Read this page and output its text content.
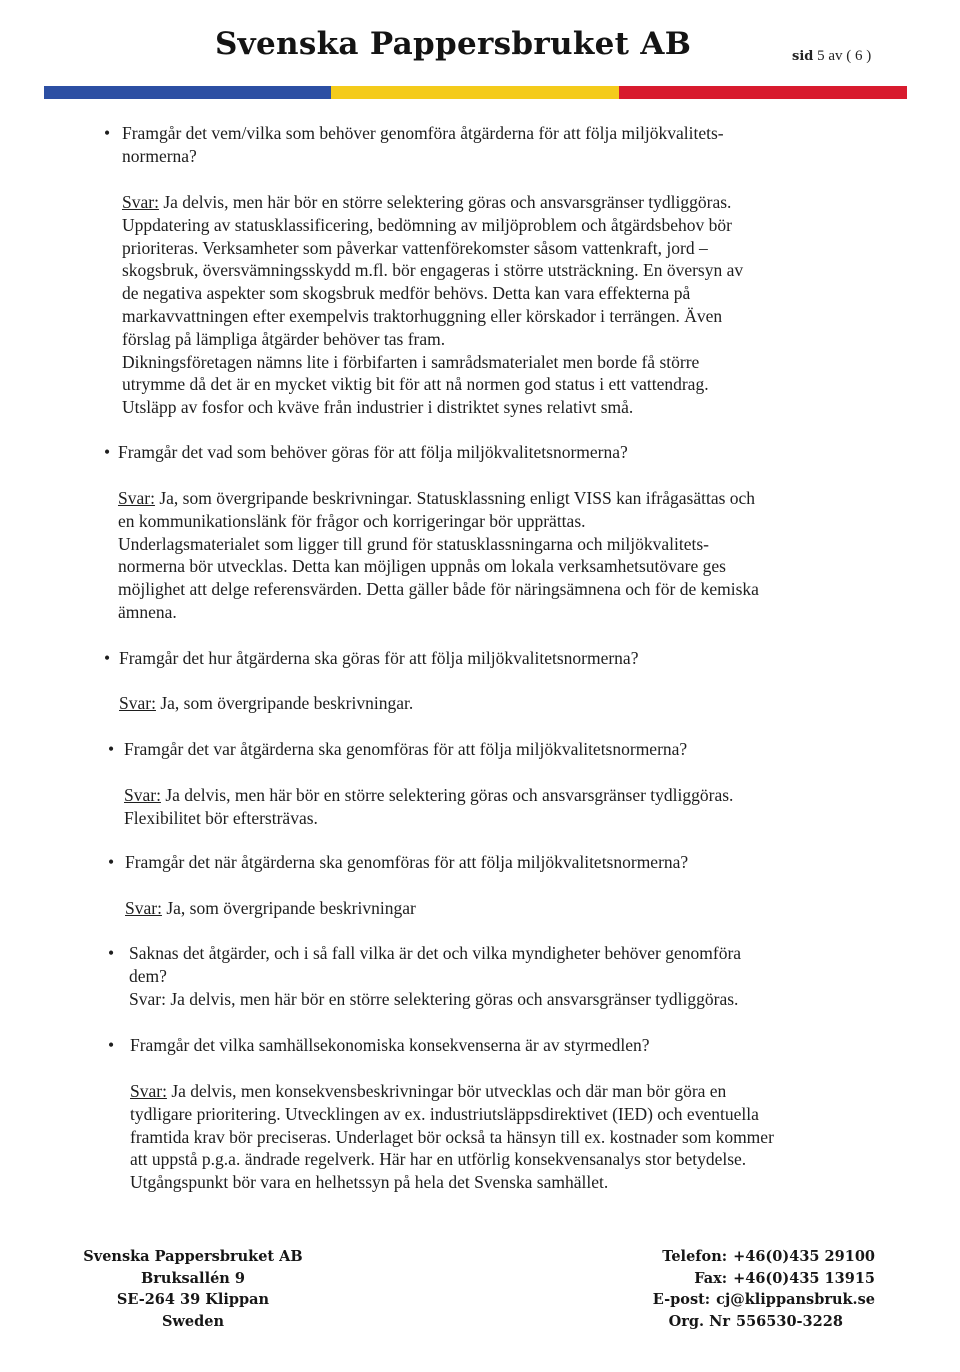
Svenska Pappersbruket AB	sid 5 av ( 6 )
• Framgår det vem/vilka som behöver genomföra åtgärderna för att följa miljökvalitets-
normerna?
Svar: Ja delvis, men här bör en större selektering göras och ansvarsgränser tydliggöras.
Uppdatering av statusklassificering, bedömning av miljöproblem och åtgärdsbehov bör
prioriteras. Verksamheter som påverkar vattenförekomster såsom vattenkraft, jord –
skogsbruk, översvämningsskydd m.fl. bör engageras i större utsträckning. En översyn av
de negativa aspekter som skogsbruk medför behövs. Detta kan vara effekterna på
markavvattningen efter exempelvis traktorhuggning eller körskador i terrängen. Även
förslag på lämpliga åtgärder behöver tas fram.
Dikningsföretagen nämns lite i förbifarten i samrådsmaterialet men borde få större
utrymme då det är en mycket viktig bit för att nå normen god status i ett vattendrag.
Utsläpp av fosfor och kväve från industrier i distriktet synes relativt små.
• Framgår det vad som behöver göras för att följa miljökvalitetsnormerna?
Svar: Ja, som övergripande beskrivningar. Statusklassning enligt VISS kan ifrågasättas och
en kommunikationslänk för frågor och korrigeringar bör upprättas.
Underlagsmaterialet som ligger till grund för statusklassningarna och miljökvalitets-
normerna bör utvecklas. Detta kan möjligen uppnås om lokala verksamhetsutövare ges
möjlighet att delge referensvärden. Detta gäller både för näringsämnena och för de kemiska
ämnena.
• Framgår det hur åtgärderna ska göras för att följa miljökvalitetsnormerna?
Svar: Ja, som övergripande beskrivningar.
• Framgår det var åtgärderna ska genomföras för att följa miljökvalitetsnormerna?
Svar: Ja delvis, men här bör en större selektering göras och ansvarsgränser tydliggöras.
Flexibilitet bör eftersträvas.
• Framgår det när åtgärderna ska genomföras för att följa miljökvalitetsnormerna?
Svar: Ja, som övergripande beskrivningar
• Saknas det åtgärder, och i så fall vilka är det och vilka myndigheter behöver genomföra
dem?
Svar: Ja delvis, men här bör en större selektering göras och ansvarsgränser tydliggöras.
• Framgår det vilka samhällsekonomiska konsekvenserna är av styrmedlen?
Svar: Ja delvis, men konsekvensbeskrivningar bör utvecklas och där man bör göra en
tydligare prioritering. Utvecklingen av ex. industriutsläppsdirektivet (IED) och eventuella
framtida krav bör preciseras. Underlaget bör också ta hänsyn till ex. kostnader som kommer
att uppstå p.g.a. ändrade regelverk. Här har en utförlig konsekvensanalys stor betydelse.
Utgångspunkt bör vara en helhetssyn på hela det Svenska samhället.
Svenska Pappersbruket AB
Bruksallén 9
SE-264 39 Klippan
Sweden
Telefon: +46(0)435 29100
Fax: +46(0)435 13915
E-post: cj@klippansbruk.se
Org. Nr 556530-3228
